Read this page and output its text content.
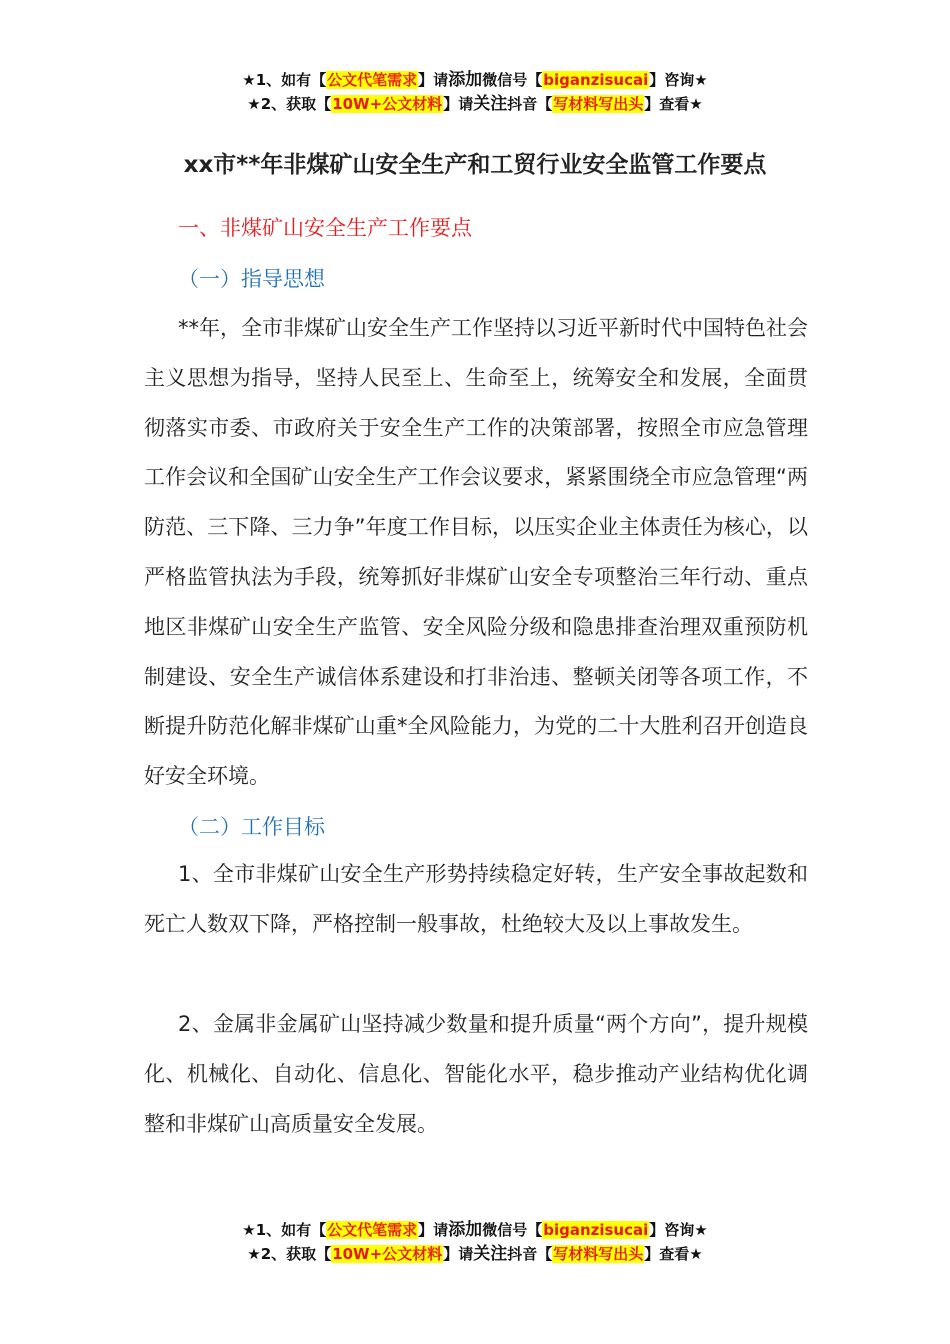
★1、如有【公文代笔需求】请添加微信号【biganzisucai】咨询★
★2、获取【10W+公文材料】请关注抖音【写材料写出头】查看★
xx市**年非煤矿山安全生产和工贸行业安全监管工作要点
一、非煤矿山安全生产工作要点
（一）指导思想

**年，全市非煤矿山安全生产工作坚持以习近平新时代中国特色社会主义思想为指导，坚持人民至上、生命至上，统筹安全和发展，全面贯彻落实市委、市政府关于安全生产工作的决策部署，按照全市应急管理工作会议和全国矿山安全生产工作会议要求，紧紧围绕全市应急管理“两防范、三下降、三力争”年度工作目标，以压实企业主体责任为核心，以严格监管执法为手段，统筹抓好非煤矿山安全专项整治三年行动、重点地区非煤矿山安全生产监管、安全风险分级和隐患排查治理双重预防机制建设、安全生产诚信体系建设和打非治违、整顿关闭等各项工作，不断提升防范化解非煤矿山重*全风险能力，为党的二十大胜利召开创造良好安全环境。

（二）工作目标

1、全市非煤矿山安全生产形势持续稳定好转，生产安全事故起数和死亡人数双下降，严格控制一般事故，杜绝较大及以上事故发生。

2、金属非金属矿山坚持减少数量和提升质量“两个方向”，提升规模化、机械化、自动化、信息化、智能化水平，稳步推动产业结构优化调整和非煤矿山高质量安全发展。

★1、如有【公文代笔需求】请添加微信号【biganzisucai】咨询★
★2、获取【10W+公文材料】请关注抖音【写材料写出头】查看★
